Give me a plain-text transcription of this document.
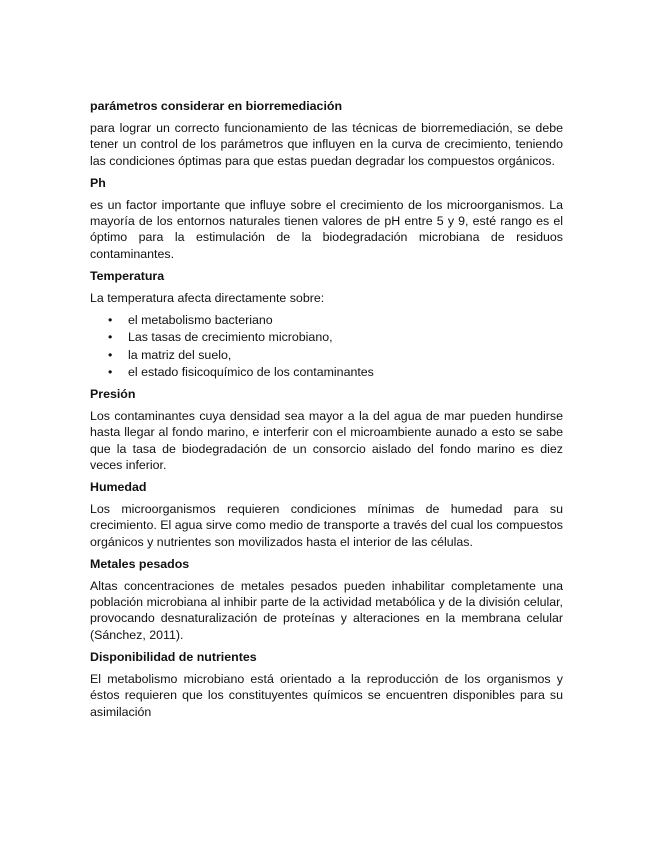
parámetros considerar en biorremediación

para lograr un correcto funcionamiento de las técnicas de biorremediación, se debe tener un control de los parámetros que influyen en la curva de crecimiento, teniendo las condiciones óptimas para que estas puedan degradar los compuestos orgánicos.

Ph

es un factor importante que influye sobre el crecimiento de los microorganismos. La mayoría de los entornos naturales tienen valores de pH entre 5 y 9, esté rango es el óptimo para la estimulación de la biodegradación microbiana de residuos contaminantes.

Temperatura

La temperatura afecta directamente sobre:

• el metabolismo bacteriano
• Las tasas de crecimiento microbiano,
• la matriz del suelo,
• el estado fisicoquímico de los contaminantes

Presión

Los contaminantes cuya densidad sea mayor a la del agua de mar pueden hundirse hasta llegar al fondo marino, e interferir con el microambiente aunado a esto se sabe que la tasa de biodegradación de un consorcio aislado del fondo marino es diez veces inferior.

Humedad

Los microorganismos requieren condiciones mínimas de humedad para su crecimiento. El agua sirve como medio de transporte a través del cual los compuestos orgánicos y nutrientes son movilizados hasta el interior de las células.

Metales pesados

Altas concentraciones de metales pesados pueden inhabilitar completamente una población microbiana al inhibir parte de la actividad metabólica y de la división celular, provocando desnaturalización de proteínas y alteraciones en la membrana celular (Sánchez, 2011).

Disponibilidad de nutrientes

El metabolismo microbiano está orientado a la reproducción de los organismos y éstos requieren que los constituyentes químicos se encuentren disponibles para su asimilación
